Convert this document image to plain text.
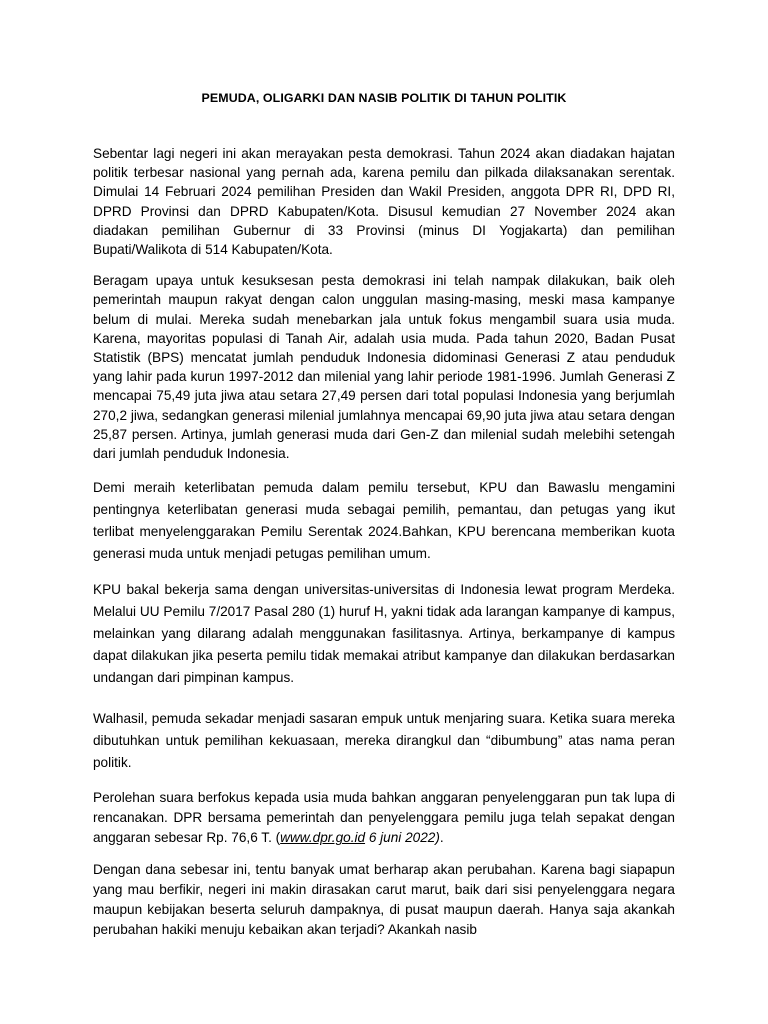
PEMUDA, OLIGARKI DAN NASIB POLITIK DI TAHUN POLITIK

Sebentar lagi negeri ini akan merayakan pesta demokrasi. Tahun 2024 akan diadakan hajatan politik terbesar nasional yang pernah ada, karena pemilu dan pilkada dilaksanakan serentak. Dimulai 14 Februari 2024 pemilihan Presiden dan Wakil Presiden, anggota DPR RI, DPD RI, DPRD Provinsi dan DPRD Kabupaten/Kota. Disusul kemudian 27 November 2024 akan diadakan pemilihan Gubernur di 33 Provinsi (minus DI Yogjakarta) dan pemilihan Bupati/Walikota di 514 Kabupaten/Kota.

Beragam upaya untuk kesuksesan pesta demokrasi ini telah nampak dilakukan, baik oleh pemerintah maupun rakyat dengan calon unggulan masing-masing, meski masa kampanye belum di mulai. Mereka sudah menebarkan jala untuk fokus mengambil suara usia muda. Karena, mayoritas populasi di Tanah Air, adalah usia muda. Pada tahun 2020, Badan Pusat Statistik (BPS) mencatat jumlah penduduk Indonesia didominasi Generasi Z atau penduduk yang lahir pada kurun 1997-2012 dan milenial yang lahir periode 1981-1996. Jumlah Generasi Z mencapai 75,49 juta jiwa atau setara 27,49 persen dari total populasi Indonesia yang berjumlah 270,2 jiwa, sedangkan generasi milenial jumlahnya mencapai 69,90 juta jiwa atau setara dengan 25,87 persen. Artinya, jumlah generasi muda dari Gen-Z dan milenial sudah melebihi setengah dari jumlah penduduk Indonesia.

Demi meraih keterlibatan pemuda dalam pemilu tersebut, KPU dan Bawaslu mengamini pentingnya keterlibatan generasi muda sebagai pemilih, pemantau, dan petugas yang ikut terlibat menyelenggarakan Pemilu Serentak 2024.Bahkan, KPU berencana memberikan kuota generasi muda untuk menjadi petugas pemilihan umum.

KPU bakal bekerja sama dengan universitas-universitas di Indonesia lewat program Merdeka. Melalui UU Pemilu 7/2017 Pasal 280 (1) huruf H, yakni tidak ada larangan kampanye di kampus, melainkan yang dilarang adalah menggunakan fasilitasnya. Artinya, berkampanye di kampus dapat dilakukan jika peserta pemilu tidak memakai atribut kampanye dan dilakukan berdasarkan undangan dari pimpinan kampus.

Walhasil, pemuda sekadar menjadi sasaran empuk untuk menjaring suara. Ketika suara mereka dibutuhkan untuk pemilihan kekuasaan, mereka dirangkul dan “dibumbung” atas nama peran politik.

Perolehan suara berfokus kepada usia muda bahkan anggaran penyelenggaran pun tak lupa di rencanakan. DPR bersama pemerintah dan penyelenggara pemilu juga telah sepakat dengan anggaran sebesar Rp. 76,6 T. (www.dpr.go.id 6 juni 2022).

Dengan dana sebesar ini, tentu banyak umat berharap akan perubahan. Karena bagi siapapun yang mau berfikir, negeri ini makin dirasakan carut marut, baik dari sisi penyelenggara negara maupun kebijakan beserta seluruh dampaknya, di pusat maupun daerah. Hanya saja akankah perubahan hakiki menuju kebaikan akan terjadi? Akankah nasib
